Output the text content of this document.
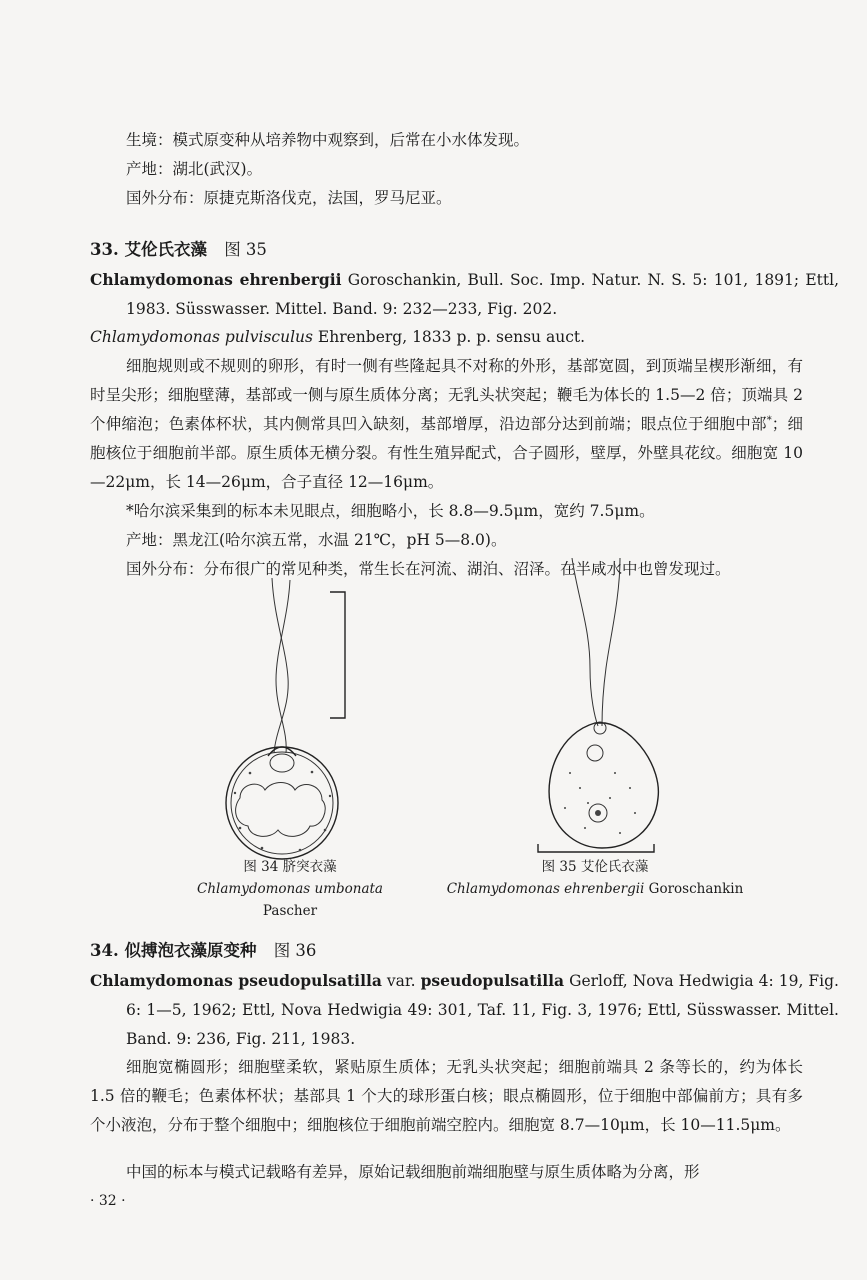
生境：模式原变种从培养物中观察到，后常在小水体发现。

产地：湖北(武汉)。

国外分布：原捷克斯洛伐克，法国，罗马尼亚。

33. 艾伦氏衣藻 图 35

Chlamydomonas ehrenbergii Goroschankin, Bull. Soc. Imp. Natur. N. S. 5: 101, 1891; Ettl, 1983. Süsswasser. Mittel. Band. 9: 232—233, Fig. 202.

Chlamydomonas pulvisculus Ehrenberg, 1833 p. p. sensu auct.

细胞规则或不规则的卵形，有时一侧有些隆起具不对称的外形，基部宽圆，到顶端呈楔形渐细，有时呈尖形；细胞壁薄，基部或一侧与原生质体分离；无乳头状突起；鞭毛为体长的 1.5—2 倍；顶端具 2 个伸缩泡；色素体杯状，其内侧常具凹入缺刻，基部增厚，沿边部分达到前端；眼点位于细胞中部*；细胞核位于细胞前半部。原生质体无横分裂。有性生殖异配式，合子圆形，壁厚，外壁具花纹。细胞宽 10—22μm，长 14—26μm，合子直径 12—16μm。

*哈尔滨采集到的标本未见眼点，细胞略小，长 8.8—9.5μm，宽约 7.5μm。

产地：黑龙江(哈尔滨五常，水温 21℃，pH 5—8.0)。

国外分布：分布很广的常见种类，常生长在河流、湖泊、沼泽。在半咸水中也曾发现过。

图 34 脐突衣藻
Chlamydomonas umbonata Pascher
图 35 艾伦氏衣藻
Chlamydomonas ehrenbergii Goroschankin

34. 似搏泡衣藻原变种 图 36

Chlamydomonas pseudopulsatilla var. pseudopulsatilla Gerloff, Nova Hedwigia 4: 19, Fig. 6: 1—5, 1962; Ettl, Nova Hedwigia 49: 301, Taf. 11, Fig. 3, 1976; Ettl, Süsswasser. Mittel. Band. 9: 236, Fig. 211, 1983.

细胞宽椭圆形；细胞壁柔软，紧贴原生质体；无乳头状突起；细胞前端具 2 条等长的，约为体长 1.5 倍的鞭毛；色素体杯状；基部具 1 个大的球形蛋白核；眼点椭圆形，位于细胞中部偏前方；具有多个小液泡，分布于整个细胞中；细胞核位于细胞前端空腔内。细胞宽 8.7—10μm，长 10—11.5μm。

中国的标本与模式记载略有差异，原始记载细胞前端细胞壁与原生质体略为分离，形

· 32 ·
